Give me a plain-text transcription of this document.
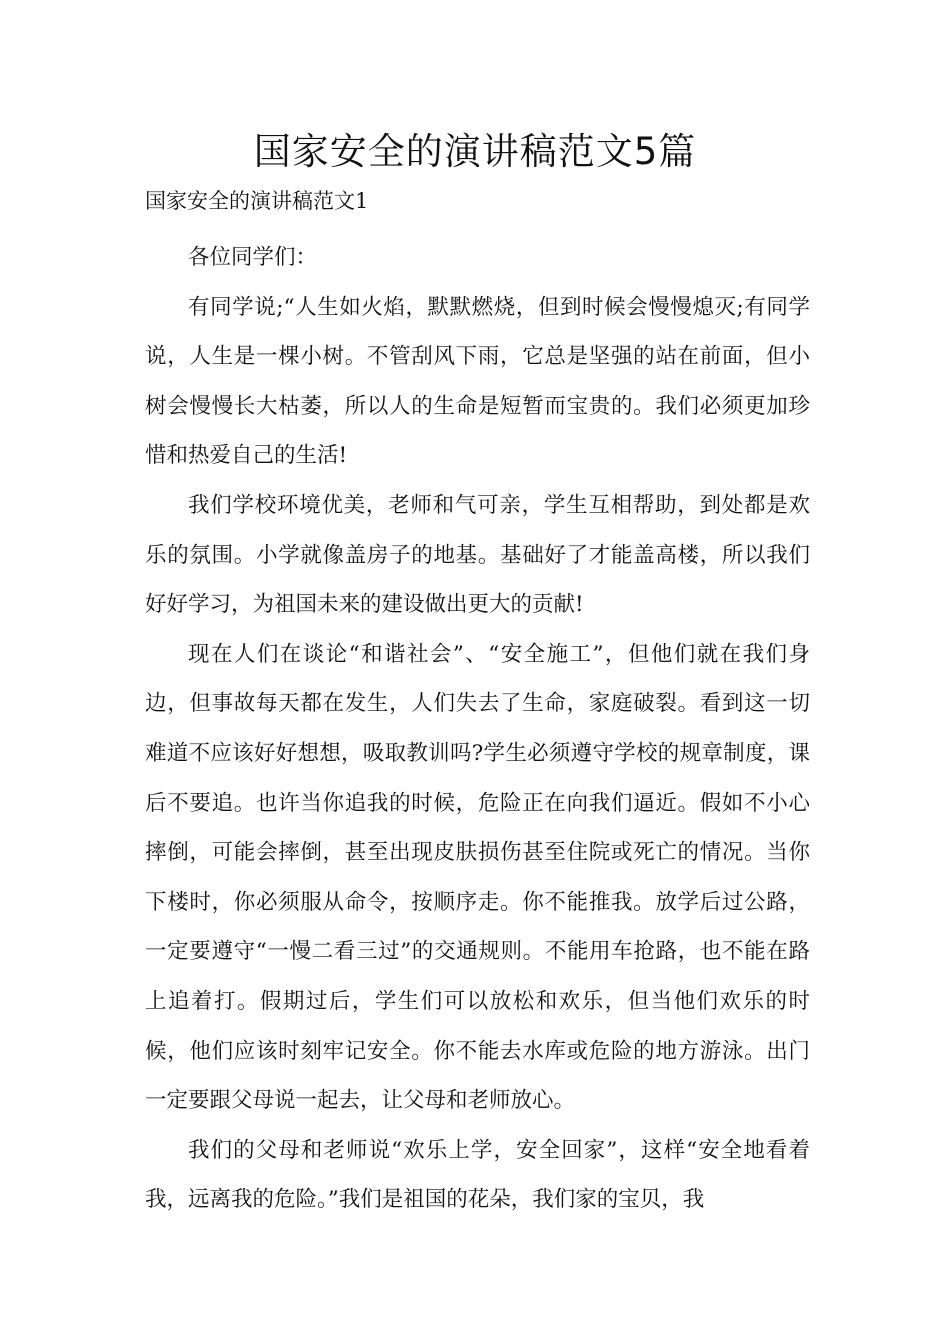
国家安全的演讲稿范文5篇
国家安全的演讲稿范文1

各位同学们：

有同学说;“人生如火焰，默默燃烧，但到时候会慢慢熄灭;有同学说，人生是一棵小树。不管刮风下雨，它总是坚强的站在前面，但小树会慢慢长大枯萎，所以人的生命是短暂而宝贵的。我们必须更加珍惜和热爱自己的生活!

我们学校环境优美，老师和气可亲，学生互相帮助，到处都是欢乐的氛围。小学就像盖房子的地基。基础好了才能盖高楼，所以我们好好学习，为祖国未来的建设做出更大的贡献!

现在人们在谈论“和谐社会”、“安全施工”，但他们就在我们身边，但事故每天都在发生，人们失去了生命，家庭破裂。看到这一切难道不应该好好想想，吸取教训吗?学生必须遵守学校的规章制度，课后不要追。也许当你追我的时候，危险正在向我们逼近。假如不小心摔倒，可能会摔倒，甚至出现皮肤损伤甚至住院或死亡的情况。当你下楼时，你必须服从命令，按顺序走。你不能推我。放学后过公路，一定要遵守“一慢二看三过”的交通规则。不能用车抢路，也不能在路上追着打。假期过后，学生们可以放松和欢乐，但当他们欢乐的时候，他们应该时刻牢记安全。你不能去水库或危险的地方游泳。出门一定要跟父母说一起去，让父母和老师放心。

我们的父母和老师说“欢乐上学，安全回家”，这样“安全地看着我，远离我的危险。”我们是祖国的花朵，我们家的宝贝，我
